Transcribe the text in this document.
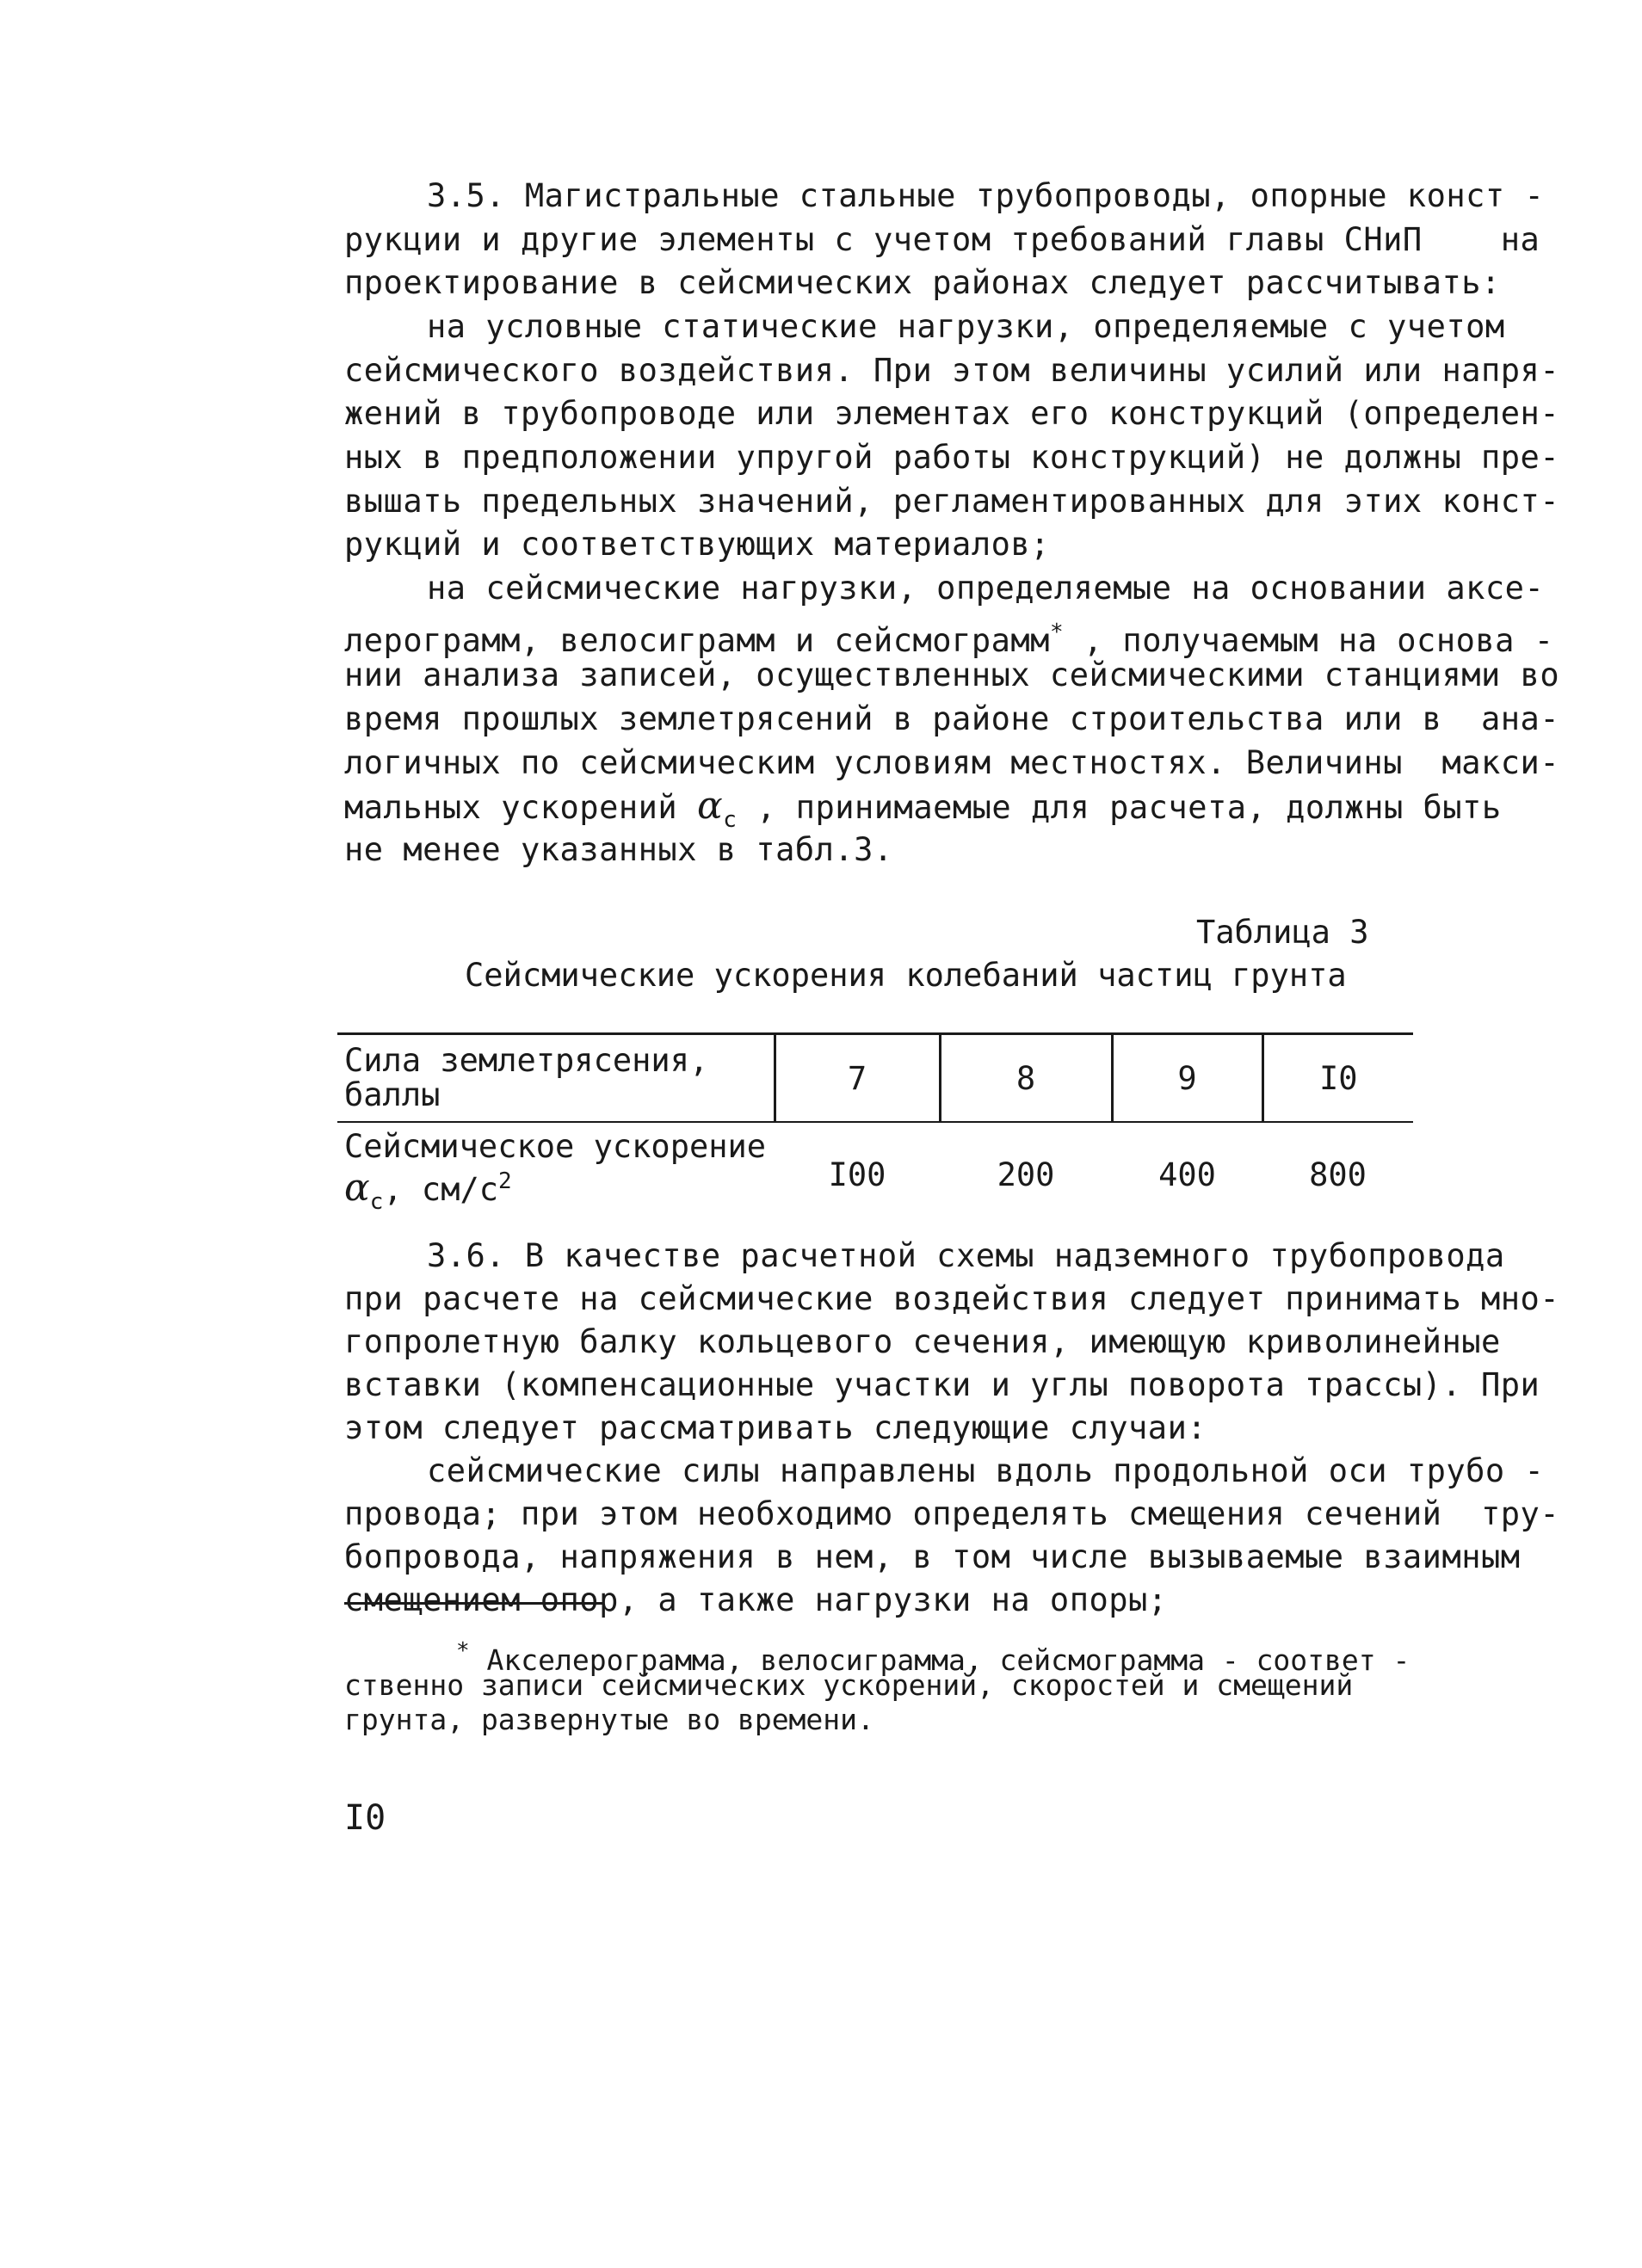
3.5. Магистральные стальные трубопроводы, опорные конст -
рукции и другие элементы с учетом требований главы СНиП    на
проектирование в сейсмических районах следует рассчитывать:
на условные статические нагрузки, определяемые с учетом
сейсмического воздействия. При этом величины усилий или напря-
жений в трубопроводе или элементах его конструкций (определен-
ных в предположении упругой работы конструкций) не должны пре-
вышать предельных значений, регламентированных для этих конст-
рукций и соответствующих материалов;
на сейсмические нагрузки, определяемые на основании аксе-
лерограмм, велосиграмм и сейсмограмм* , получаемым на основа -
нии анализа записей, осуществленных сейсмическими станциями во
время прошлых землетрясений в районе строительства или в  ана-
логичных по сейсмическим условиям местностях. Величины  макси-
мальных ускорений $\alpha_c$ , принимаемые для расчета, должны быть
не менее указанных в табл.3.
Таблица 3
Сейсмические ускорения колебаний частиц грунта
Сила землетрясения,
баллы	7	8	9	I0

Сейсмическое ускорение
$\alpha_c$, $см/с^2$	I00	200	400	800
3.6. В качестве расчетной схемы надземного трубопровода
при расчете на сейсмические воздействия следует принимать мно-
гопролетную балку кольцевого сечения, имеющую криволинейные
вставки (компенсационные участки и углы поворота трассы). При
этом следует рассматривать следующие случаи:
сейсмические силы направлены вдоль продольной оси трубо -
провода; при этом необходимо определять смещения сечений  тру-
бопровода, напряжения в нем, в том числе вызываемые взаимным
смещением опор, а также нагрузки на опоры;
* Акселерограмма, велосиграмма, сейсмограмма - соответ -
ственно записи сейсмических ускорений, скоростей и смещений
грунта, развернутые во времени.
I0
